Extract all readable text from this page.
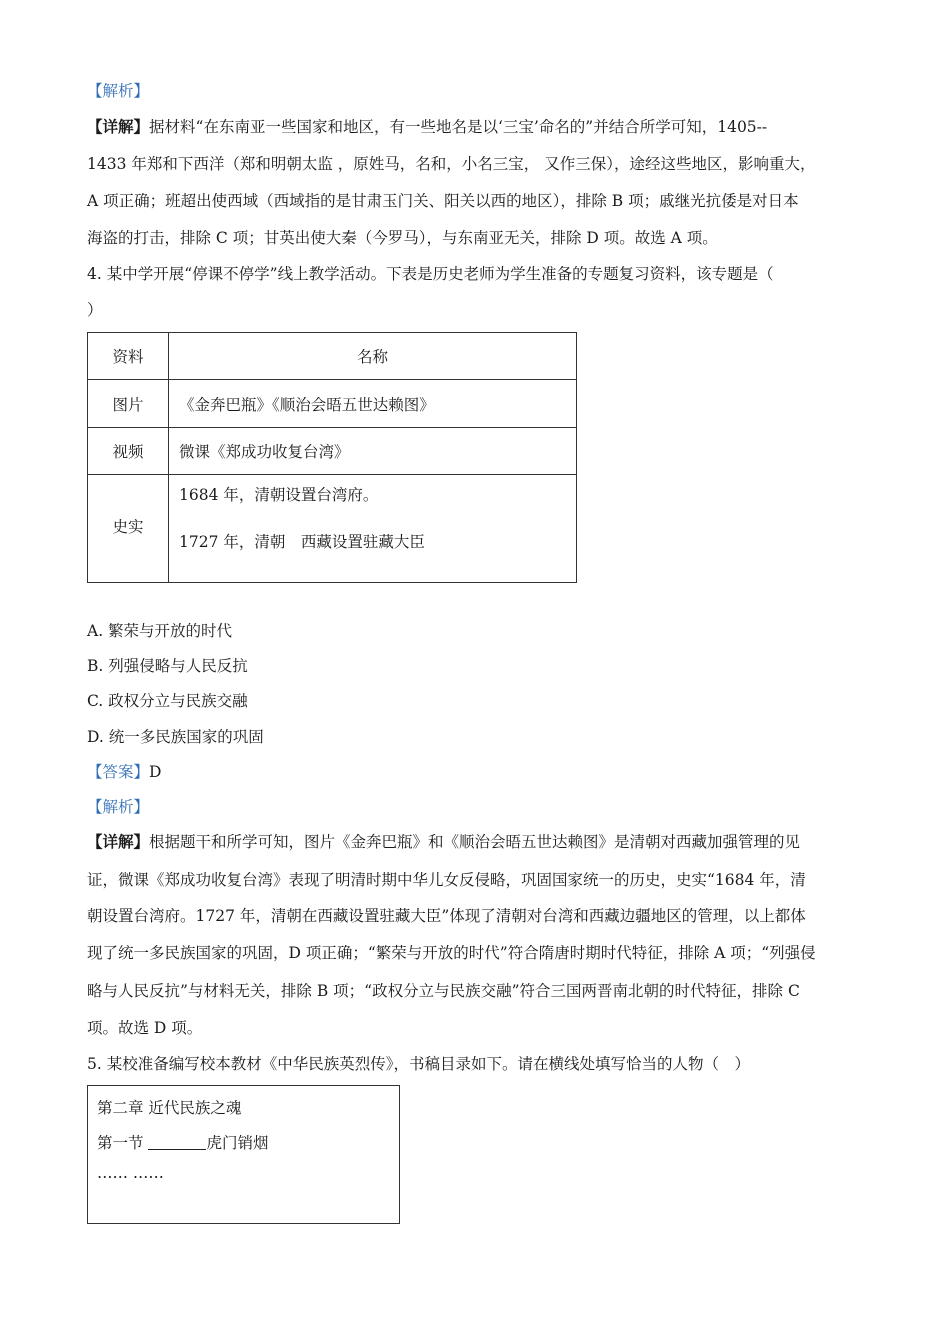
【解析】
【详解】据材料“在东南亚一些国家和地区，有一些地名是以‘三宝’命名的”并结合所学可知，1405--
1433 年郑和下西洋（郑和明朝太监 ，原姓马，名和，小名三宝， 又作三保），途经这些地区，影响重大，
A 项正确；班超出使西域（西域指的是甘肃玉门关、阳关以西的地区），排除 B 项；戚继光抗倭是对日本
海盗的打击，排除 C 项；甘英出使大秦（今罗马），与东南亚无关，排除 D 项。故选 A 项。
4. 某中学开展“停课不停学”线上教学活动。下表是历史老师为学生准备的专题复习资料，该专题是（
）
资料	名称
图片	《金奔巴瓶》《顺治会晤五世达赖图》
视频	微课《郑成功收复台湾》
史实	1684 年，清朝设置台湾府。
1727 年，清朝　西藏设置驻藏大臣
A. 繁荣与开放的时代
B. 列强侵略与人民反抗
C. 政权分立与民族交融
D. 统一多民族国家的巩固
【答案】D
【解析】
【详解】根据题干和所学可知，图片《金奔巴瓶》和《顺治会晤五世达赖图》是清朝对西藏加强管理的见
证，微课《郑成功收复台湾》表现了明清时期中华儿女反侵略，巩固国家统一的历史，史实“1684 年，清
朝设置台湾府。1727 年，清朝在西藏设置驻藏大臣”体现了清朝对台湾和西藏边疆地区的管理，以上都体
现了统一多民族国家的巩固，D 项正确；“繁荣与开放的时代”符合隋唐时期时代特征，排除 A 项；“列强侵
略与人民反抗”与材料无关，排除 B 项；“政权分立与民族交融”符合三国两晋南北朝的时代特征，排除 C
项。故选 D 项。
5. 某校准备编写校本教材《中华民族英烈传》，书稿目录如下。请在横线处填写恰当的人物（　）
第二章 近代民族之魂
第一节	虎门销烟
…… ……
